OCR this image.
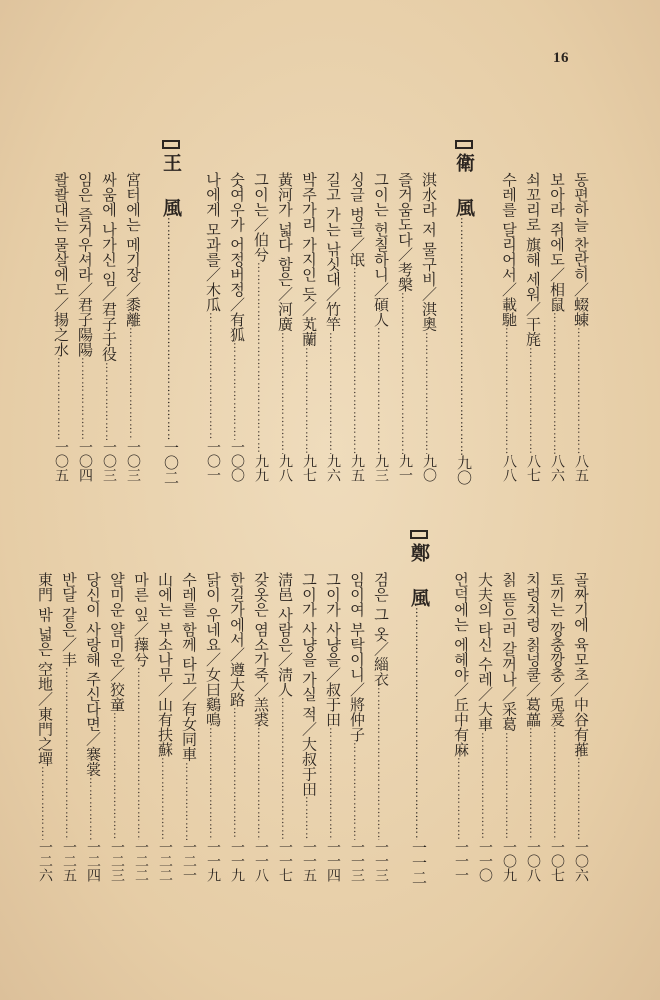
16
동편하늘 찬란히／蝃蝀
……………………………………………………………………………………………………………………………………………
八五
보아라 쥐에도／相鼠
……………………………………………………………………………………………………………………………………………
八六
쇠꼬리로 旗해 세워／干旄
……………………………………………………………………………………………………………………………………………
八七
수레를 달리어서／載馳
……………………………………………………………………………………………………………………………………………
八八
衛
風
……………………………………………………………………………………………………………………………………………
九〇
淇水라 저 물구비／淇奧
……………………………………………………………………………………………………………………………………………
九〇
즐거움도다／考槃
……………………………………………………………………………………………………………………………………………
九一
그이는 헌칠하니／碩人
……………………………………………………………………………………………………………………………………………
九三
싱글 벙글／氓
……………………………………………………………………………………………………………………………………………
九五
길고 가는 낚싯대／竹竿
……………………………………………………………………………………………………………………………………………
九六
박주가리 가지인 듯／芄蘭
……………………………………………………………………………………………………………………………………………
九七
黃河가 넓다 함은／河廣
……………………………………………………………………………………………………………………………………………
九八
그이는／伯兮
……………………………………………………………………………………………………………………………………………
九九
숫여우가 어정버정／有狐
……………………………………………………………………………………………………………………………………………
一〇〇
나에게 모과를／木瓜
……………………………………………………………………………………………………………………………………………
一〇一
王
風
……………………………………………………………………………………………………………………………………………
一〇二
宮터에는 메기장／黍離
……………………………………………………………………………………………………………………………………………
一〇三
싸움에 나가신 임／君子于役
……………………………………………………………………………………………………………………………………………
一〇三
임은 즐거우셔라／君子陽陽
……………………………………………………………………………………………………………………………………………
一〇四
콸콸대는 물살에도／揚之水
……………………………………………………………………………………………………………………………………………
一〇五
골짜기에 육모초／中谷有蓷
……………………………………………………………………………………………………………………………………………
一〇六
토끼는 깡충깡충／兎爰
……………………………………………………………………………………………………………………………………………
一〇七
치렁치렁 칡넝쿨／葛藟
……………………………………………………………………………………………………………………………………………
一〇八
칡 뜯으러 갈꺼나／采葛
……………………………………………………………………………………………………………………………………………
一〇九
大夫의 타신 수레／大車
……………………………………………………………………………………………………………………………………………
一一〇
언덕에는 에헤야／丘中有麻
……………………………………………………………………………………………………………………………………………
一一一
鄭
風
……………………………………………………………………………………………………………………………………………
一一二
검은 그 옷／緇衣
……………………………………………………………………………………………………………………………………………
一一三
임이여 부탁이니／將仲子
……………………………………………………………………………………………………………………………………………
一一三
그이가 사냥을／叔于田
……………………………………………………………………………………………………………………………………………
一一四
그이가 사냥을 가실 적／大叔于田
……………………………………………………………………………………………………………………………………………
一一五
淸邑 사람은／淸人
……………………………………………………………………………………………………………………………………………
一一七
갖옷은 염소가죽／羔裘
……………………………………………………………………………………………………………………………………………
一一八
한길가에서／遵大路
……………………………………………………………………………………………………………………………………………
一一九
닭이 우네요／女曰鷄鳴
……………………………………………………………………………………………………………………………………………
一一九
수레를 함께 타고／有女同車
……………………………………………………………………………………………………………………………………………
一二一
山에는 부소나무／山有扶蘇
……………………………………………………………………………………………………………………………………………
一二二
마른 잎／蘀兮
……………………………………………………………………………………………………………………………………………
一二二
얄미운 얄미운／狡童
……………………………………………………………………………………………………………………………………………
一二三
당신이 사랑해 주신다면／褰裳
……………………………………………………………………………………………………………………………………………
一二四
반달 같은／丰
……………………………………………………………………………………………………………………………………………
一二五
東門 밖 넓은 空地／東門之墠
……………………………………………………………………………………………………………………………………………
一二六
